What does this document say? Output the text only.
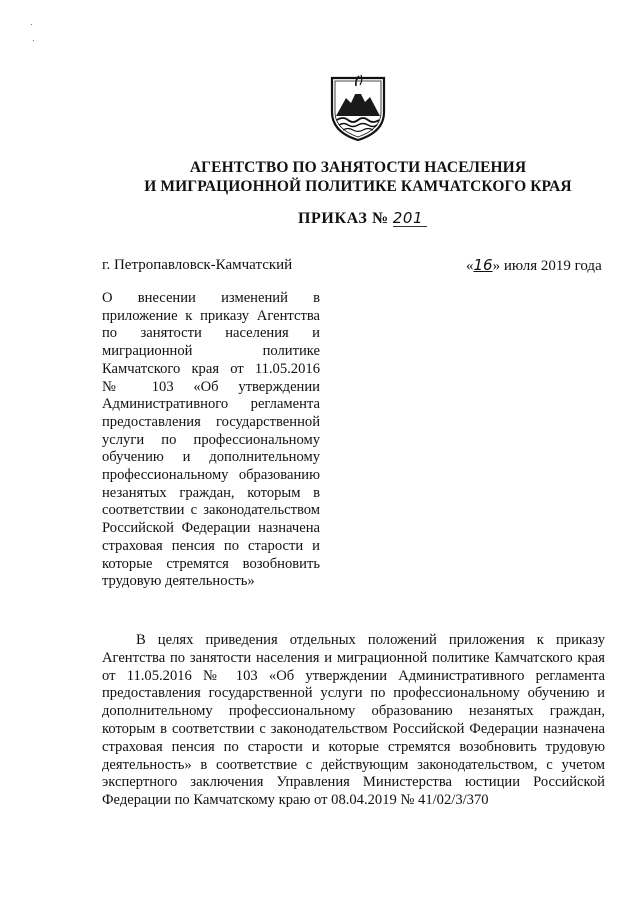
АГЕНТСТВО ПО ЗАНЯТОСТИ НАСЕЛЕНИЯ
И МИГРАЦИОННОЙ ПОЛИТИКЕ КАМЧАТСКОГО КРАЯ
ПРИКАЗ № 201
г. Петропавловск-Камчатский	«16» июля 2019 года
О внесении изменений в
приложение к приказу Агентства
по занятости населения и
миграционной политике
Камчатского края от 11.05.2016
№ 103 «Об утверждении
Административного регламента
предоставления государственной
услуги по профессиональному
обучению и дополнительному
профессиональному образованию
незанятых граждан, которым в
соответствии с законодательством
Российской Федерации назначена
страховая пенсия по старости и
которые стремятся возобновить
трудовую деятельность»
В целях приведения отдельных положений приложения к приказу
Агентства по занятости населения и миграционной политике Камчатского края
от 11.05.2016 № 103 «Об утверждении Административного регламента
предоставления государственной услуги по профессиональному обучению и
дополнительному профессиональному образованию незанятых граждан,
которым в соответствии с законодательством Российской Федерации назначена
страховая пенсия по старости и которые стремятся возобновить трудовую
деятельность» в соответствие с действующим законодательством, с учетом
экспертного заключения Управления Министерства юстиции Российской
Федерации по Камчатскому краю от 08.04.2019 № 41/02/3/370
